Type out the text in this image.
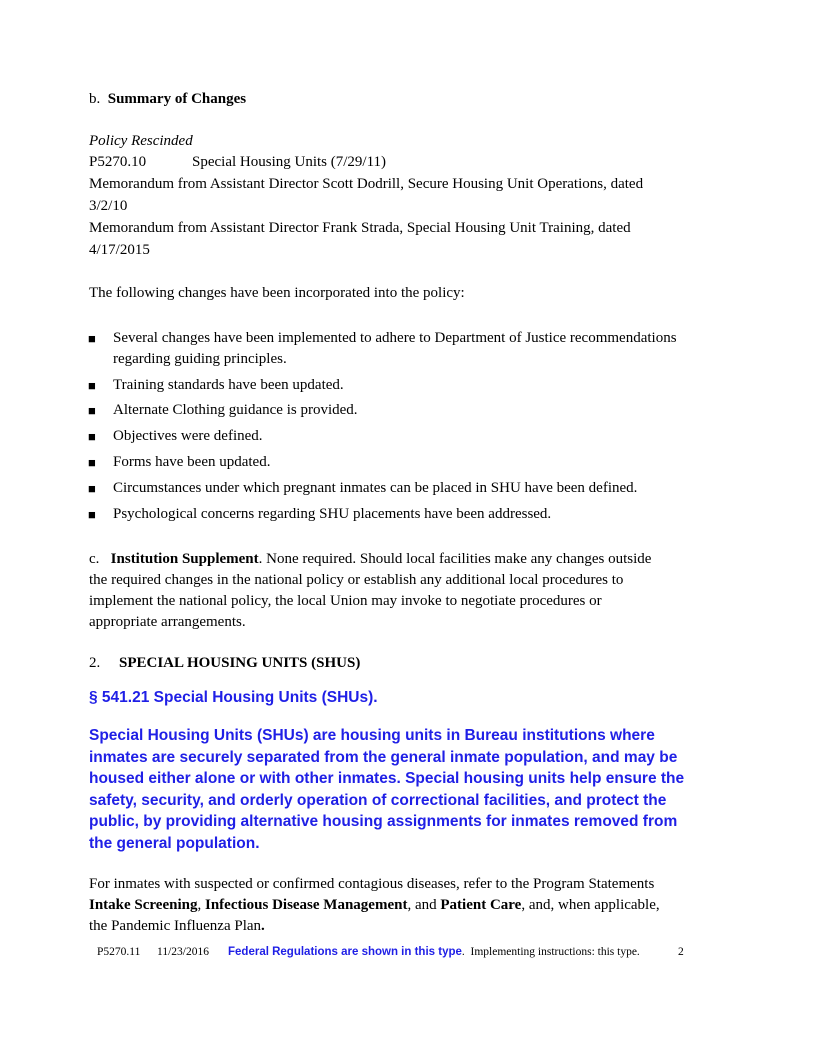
b. Summary of Changes
Policy Rescinded
P5270.10	Special Housing Units (7/29/11)
Memorandum from Assistant Director Scott Dodrill, Secure Housing Unit Operations, dated
3/2/10
Memorandum from Assistant Director Frank Strada, Special Housing Unit Training, dated
4/17/2015
The following changes have been incorporated into the policy:
■ Several changes have been implemented to adhere to Department of Justice recommendations
regarding guiding principles.
■ Training standards have been updated.
■ Alternate Clothing guidance is provided.
■ Objectives were defined.
■ Forms have been updated.
■ Circumstances under which pregnant inmates can be placed in SHU have been defined.
■ Psychological concerns regarding SHU placements have been addressed.
c. Institution Supplement. None required. Should local facilities make any changes outside
the required changes in the national policy or establish any additional local procedures to
implement the national policy, the local Union may invoke to negotiate procedures or
appropriate arrangements.
2. SPECIAL HOUSING UNITS (SHUS)
§ 541.21 Special Housing Units (SHUs).
Special Housing Units (SHUs) are housing units in Bureau institutions where
inmates are securely separated from the general inmate population, and may be
housed either alone or with other inmates. Special housing units help ensure the
safety, security, and orderly operation of correctional facilities, and protect the
public, by providing alternative housing assignments for inmates removed from
the general population.
For inmates with suspected or confirmed contagious diseases, refer to the Program Statements
Intake Screening, Infectious Disease Management, and Patient Care, and, when applicable,
the Pandemic Influenza Plan.
P5270.11 11/23/2016 Federal Regulations are shown in this type. Implementing instructions: this type.	2
